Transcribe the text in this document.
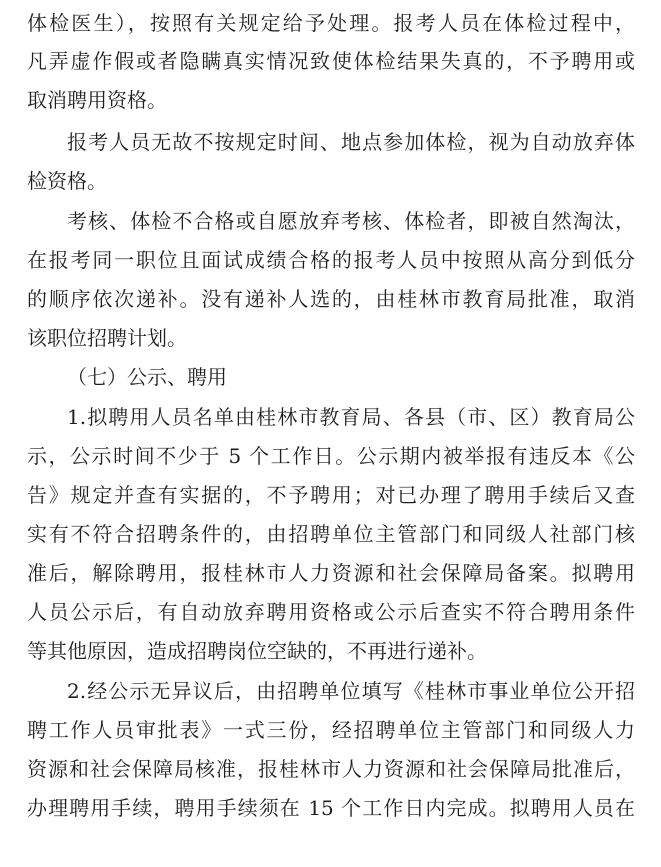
体检医生），按照有关规定给予处理。报考人员在体检过程中，
凡弄虚作假或者隐瞒真实情况致使体检结果失真的，不予聘用或
取消聘用资格。
报考人员无故不按规定时间、地点参加体检，视为自动放弃体
检资格。
考核、体检不合格或自愿放弃考核、体检者，即被自然淘汰，
在报考同一职位且面试成绩合格的报考人员中按照从高分到低分
的顺序依次递补。没有递补人选的，由桂林市教育局批准，取消
该职位招聘计划。
（七）公示、聘用
1.拟聘用人员名单由桂林市教育局、各县（市、区）教育局公
示，公示时间不少于 5 个工作日。公示期内被举报有违反本《公
告》规定并查有实据的，不予聘用；对已办理了聘用手续后又查
实有不符合招聘条件的，由招聘单位主管部门和同级人社部门核
准后，解除聘用，报桂林市人力资源和社会保障局备案。拟聘用
人员公示后，有自动放弃聘用资格或公示后查实不符合聘用条件
等其他原因，造成招聘岗位空缺的，不再进行递补。
2.经公示无异议后，由招聘单位填写《桂林市事业单位公开招
聘工作人员审批表》一式三份，经招聘单位主管部门和同级人力
资源和社会保障局核准，报桂林市人力资源和社会保障局批准后，
办理聘用手续，聘用手续须在 15 个工作日内完成。拟聘用人员在
